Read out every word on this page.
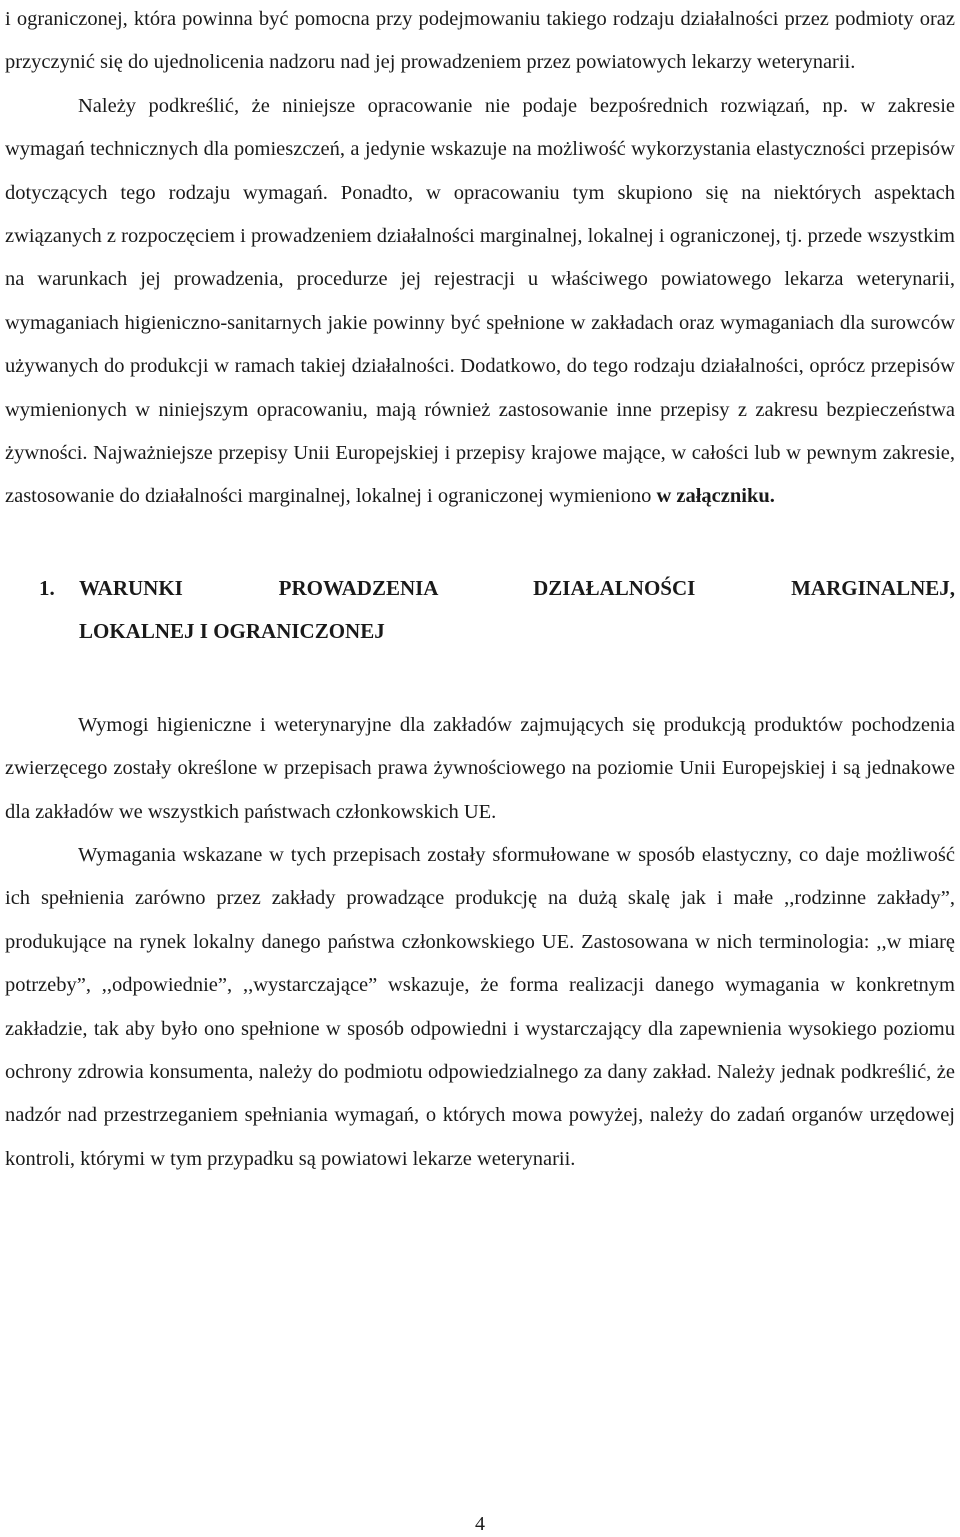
i ograniczonej, która powinna być pomocna przy podejmowaniu takiego rodzaju działalności przez podmioty oraz przyczynić się do ujednolicenia nadzoru nad jej prowadzeniem przez powiatowych lekarzy weterynarii.
Należy podkreślić, że niniejsze opracowanie nie podaje bezpośrednich rozwiązań, np. w zakresie wymagań technicznych dla pomieszczeń, a jedynie wskazuje na możliwość wykorzystania elastyczności przepisów dotyczących tego rodzaju wymagań. Ponadto, w opracowaniu tym skupiono się na niektórych aspektach związanych z rozpoczęciem i prowadzeniem działalności marginalnej, lokalnej i ograniczonej, tj. przede wszystkim na warunkach jej prowadzenia, procedurze jej rejestracji u właściwego powiatowego lekarza weterynarii, wymaganiach higieniczno-sanitarnych jakie powinny być spełnione w zakładach oraz wymaganiach dla surowców używanych do produkcji w ramach takiej działalności. Dodatkowo, do tego rodzaju działalności, oprócz przepisów wymienionych w niniejszym opracowaniu, mają również zastosowanie inne przepisy z zakresu bezpieczeństwa żywności. Najważniejsze przepisy Unii Europejskiej i przepisy krajowe mające, w całości lub w pewnym zakresie, zastosowanie do działalności marginalnej, lokalnej i ograniczonej wymieniono w załączniku.

1.	WARUNKI PROWADZENIA DZIAŁALNOŚCI MARGINALNEJ,
LOKALNEJ I OGRANICZONEJ

Wymogi higieniczne i weterynaryjne dla zakładów zajmujących się produkcją produktów pochodzenia zwierzęcego zostały określone w przepisach prawa żywnościowego na poziomie Unii Europejskiej i są jednakowe dla zakładów we wszystkich państwach członkowskich UE.

Wymagania wskazane w tych przepisach zostały sformułowane w sposób elastyczny, co daje możliwość ich spełnienia zarówno przez zakłady prowadzące produkcję na dużą skalę jak i małe ,,rodzinne zakłady”, produkujące na rynek lokalny danego państwa członkowskiego UE. Zastosowana w nich terminologia: ,,w miarę potrzeby”, ,,odpowiednie”, ,,wystarczające” wskazuje, że forma realizacji danego wymagania w konkretnym zakładzie, tak aby było ono spełnione w sposób odpowiedni i wystarczający dla zapewnienia wysokiego poziomu ochrony zdrowia konsumenta, należy do podmiotu odpowiedzialnego za dany zakład. Należy jednak podkreślić, że nadzór nad przestrzeganiem spełniania wymagań, o których mowa powyżej, należy do zadań organów urzędowej kontroli, którymi w tym przypadku są powiatowi lekarze weterynarii.

4
